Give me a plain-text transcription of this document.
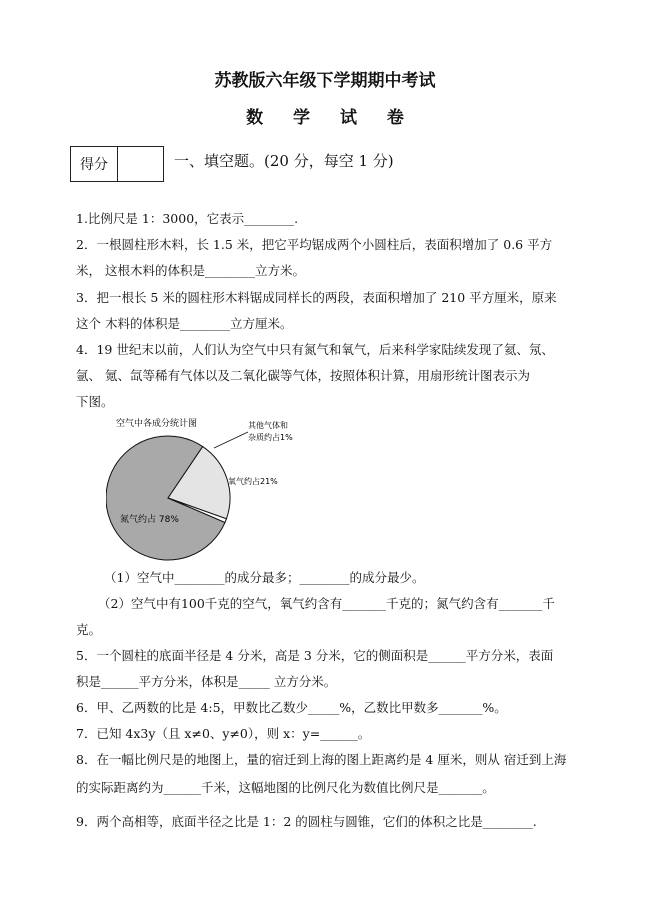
苏教版六年级下学期期中考试
数 学 试 卷
得分	一、填空题。(20 分，每空 1 分)
1.比例尺是 1：3000，它表示________.
2．一根圆柱形木料，长 1.5 米，把它平均锯成两个小圆柱后，表面积增加了 0.6 平方
米， 这根木料的体积是________立方米。
3．把一根长 5 米的圆柱形木料锯成同样长的两段，表面积增加了 210 平方厘米，原来
这个 木料的体积是________立方厘米。
4．19 世纪末以前，人们认为空气中只有氮气和氧气，后来科学家陆续发现了氦、氖、
氩、 氪、氙等稀有气体以及二氧化碳等气体，按照体积计算，用扇形统计图表示为
下图。
空气中各成分统计图	其他气体和
杂质约占1%
氧气约占21%
氮气约占 78%
（1）空气中________的成分最多；________的成分最少。
（2）空气中有100千克的空气，氧气约含有_______千克的；氮气约含有_______千
克。
5．一个圆柱的底面半径是 4 分米，高是 3 分米，它的侧面积是______平方分米，表面
积是______平方分米，体积是_____ 立方分米。
6．甲、乙两数的比是 4:5，甲数比乙数少_____%，乙数比甲数多_______%。
7．已知 4x3y（且 x≠0、y≠0），则 x：y=______。
8．在一幅比例尺是的地图上，量的宿迁到上海的图上距离约是 4 厘米，则从 宿迁到上海
的实际距离约为______千米，这幅地图的比例尺化为数值比例尺是_______。
9．两个高相等，底面半径之比是 1：2 的圆柱与圆锥，它们的体积之比是________.
